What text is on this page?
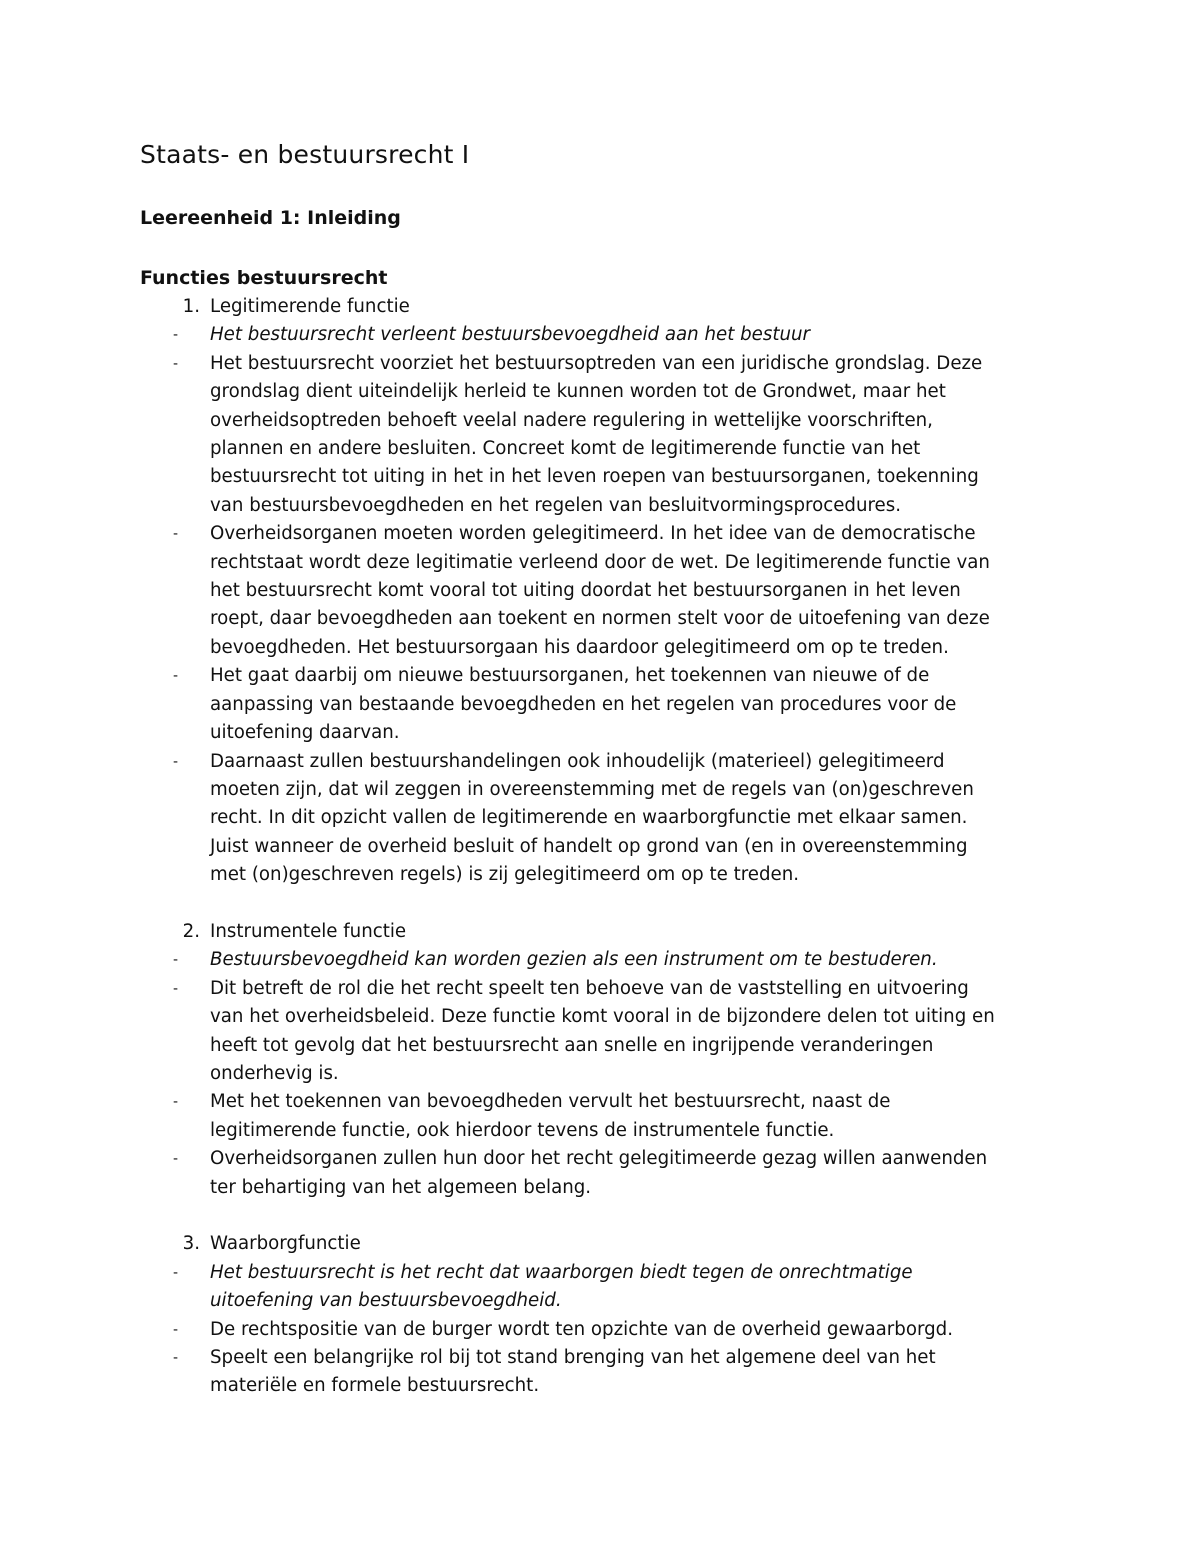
Staats- en bestuursrecht I
Leereenheid 1: Inleiding
Functies bestuursrecht
1. Legitimerende functie
-	Het bestuursrecht verleent bestuursbevoegdheid aan het bestuur
-	Het bestuursrecht voorziet het bestuursoptreden van een juridische grondslag. Deze
grondslag dient uiteindelijk herleid te kunnen worden tot de Grondwet, maar het
overheidsoptreden behoeft veelal nadere regulering in wettelijke voorschriften,
plannen en andere besluiten. Concreet komt de legitimerende functie van het
bestuursrecht tot uiting in het in het leven roepen van bestuursorganen, toekenning
van bestuursbevoegdheden en het regelen van besluitvormingsprocedures.
-	Overheidsorganen moeten worden gelegitimeerd. In het idee van de democratische
rechtstaat wordt deze legitimatie verleend door de wet. De legitimerende functie van
het bestuursrecht komt vooral tot uiting doordat het bestuursorganen in het leven
roept, daar bevoegdheden aan toekent en normen stelt voor de uitoefening van deze
bevoegdheden. Het bestuursorgaan his daardoor gelegitimeerd om op te treden.
-	Het gaat daarbij om nieuwe bestuursorganen, het toekennen van nieuwe of de
aanpassing van bestaande bevoegdheden en het regelen van procedures voor de
uitoefening daarvan.
-	Daarnaast zullen bestuurshandelingen ook inhoudelijk (materieel) gelegitimeerd
moeten zijn, dat wil zeggen in overeenstemming met de regels van (on)geschreven
recht. In dit opzicht vallen de legitimerende en waarborgfunctie met elkaar samen.
Juist wanneer de overheid besluit of handelt op grond van (en in overeenstemming
met (on)geschreven regels) is zij gelegitimeerd om op te treden.
2. Instrumentele functie
-	Bestuursbevoegdheid kan worden gezien als een instrument om te bestuderen.
-	Dit betreft de rol die het recht speelt ten behoeve van de vaststelling en uitvoering
van het overheidsbeleid. Deze functie komt vooral in de bijzondere delen tot uiting en
heeft tot gevolg dat het bestuursrecht aan snelle en ingrijpende veranderingen
onderhevig is.
-	Met het toekennen van bevoegdheden vervult het bestuursrecht, naast de
legitimerende functie, ook hierdoor tevens de instrumentele functie.
-	Overheidsorganen zullen hun door het recht gelegitimeerde gezag willen aanwenden
ter behartiging van het algemeen belang.
3. Waarborgfunctie
-	Het bestuursrecht is het recht dat waarborgen biedt tegen de onrechtmatige
uitoefening van bestuursbevoegdheid.
-	De rechtspositie van de burger wordt ten opzichte van de overheid gewaarborgd.
-	Speelt een belangrijke rol bij tot stand brenging van het algemene deel van het
materiële en formele bestuursrecht.
